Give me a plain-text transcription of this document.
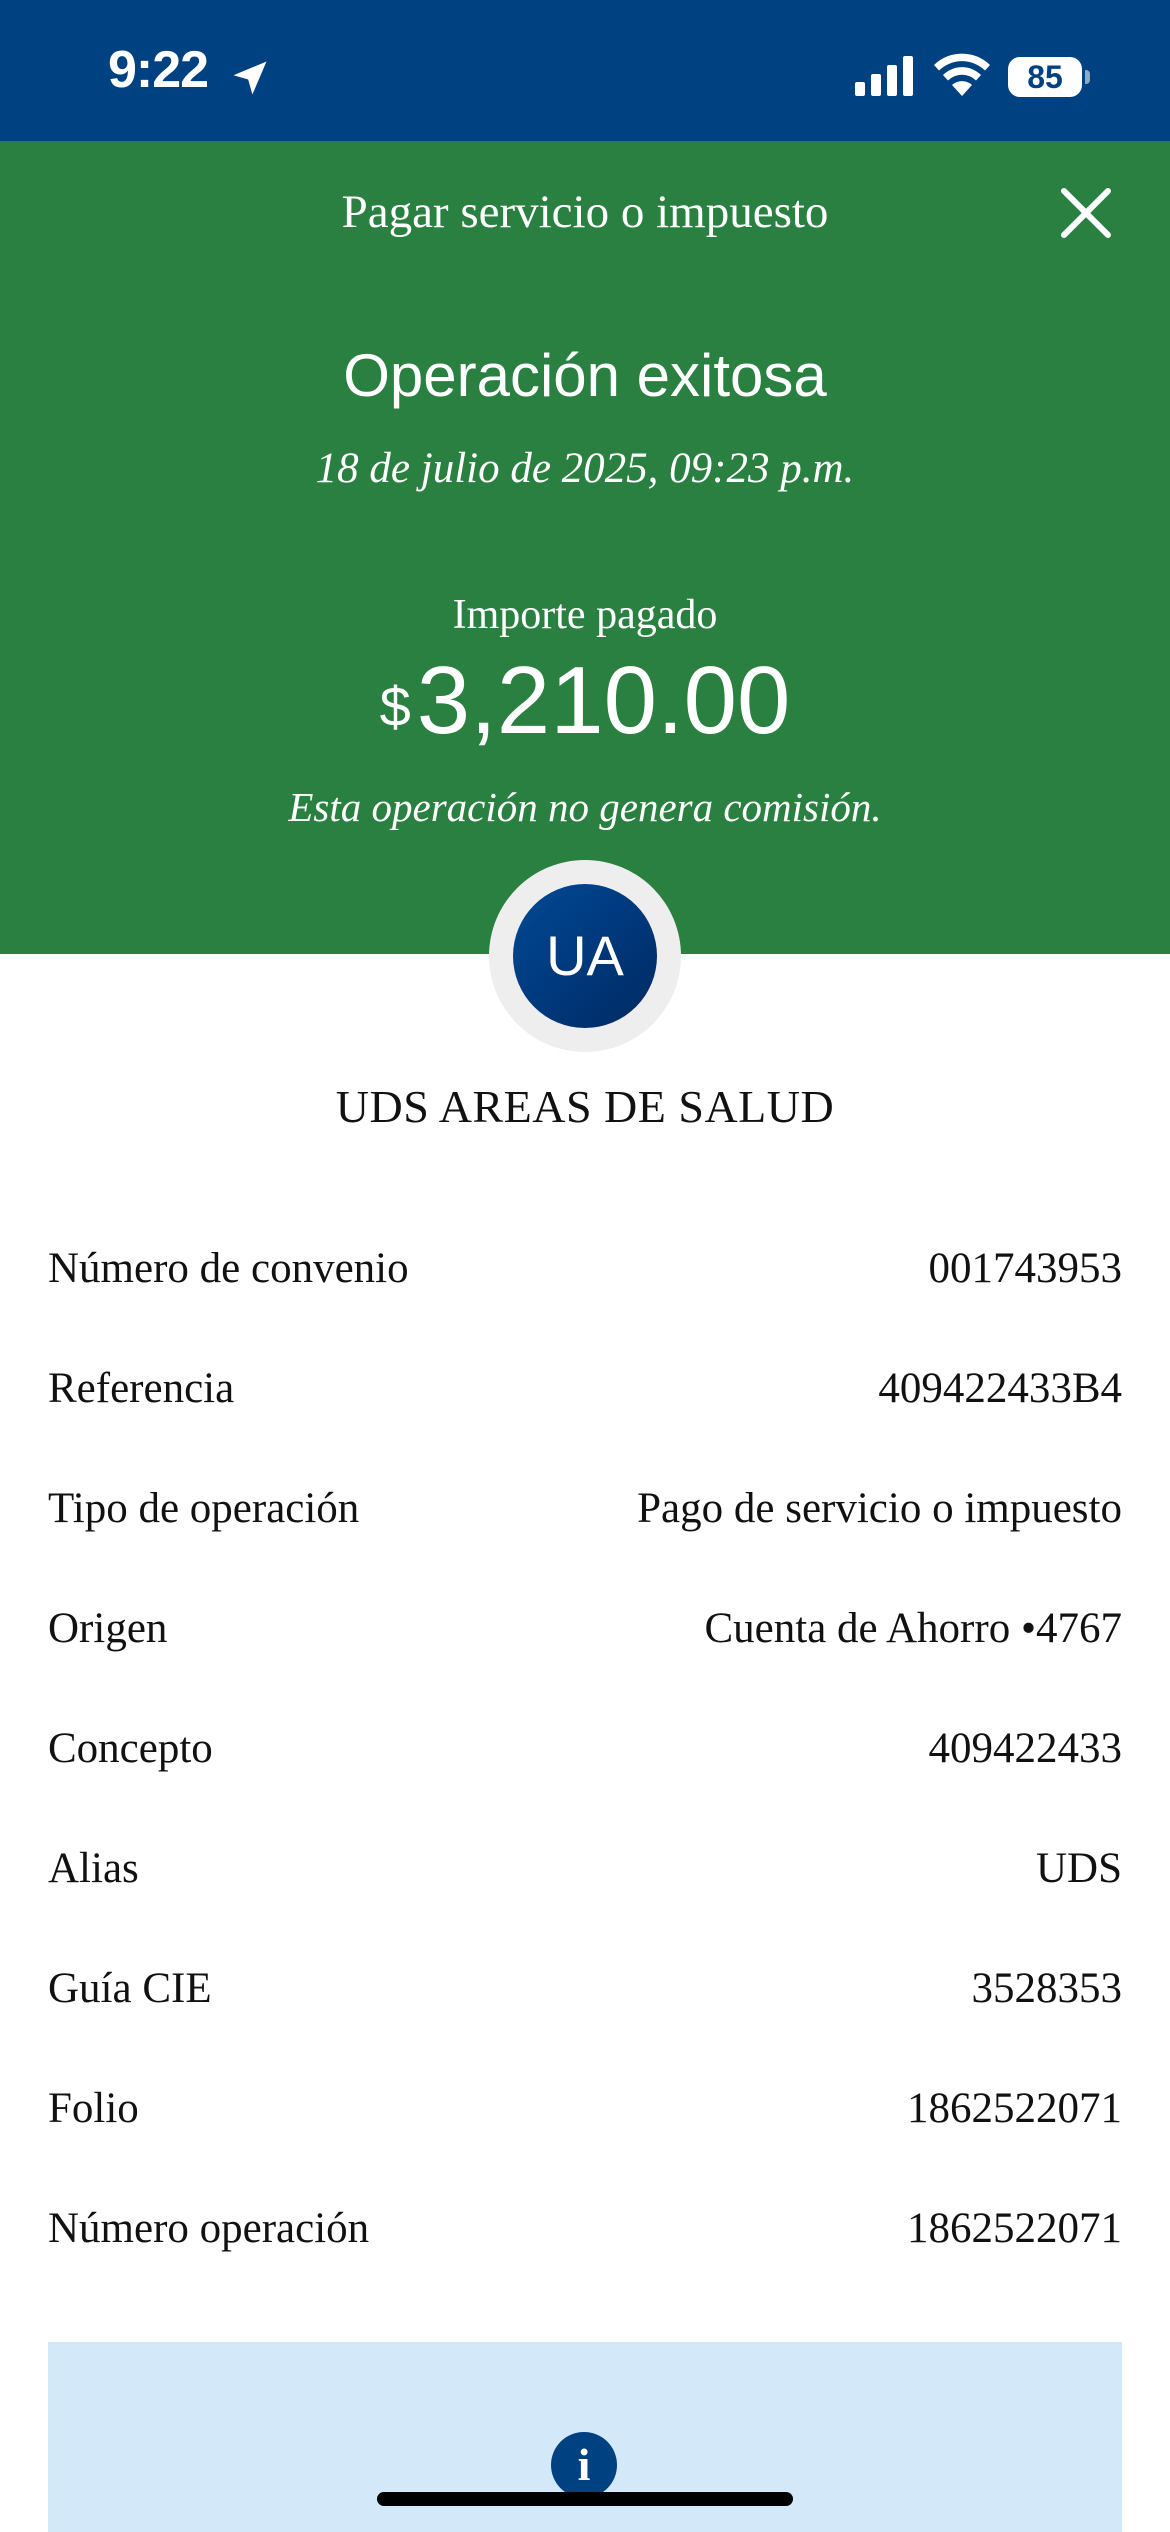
9:22	85
Pagar servicio o impuesto
Operación exitosa
18 de julio de 2025, 09:23 p.m.
Importe pagado
$3,210.00
Esta operación no genera comisión.
UA
UDS AREAS DE SALUD
Número de convenio	001743953
Referencia	409422433B4
Tipo de operación	Pago de servicio o impuesto
Origen	Cuenta de Ahorro •4767
Concepto	409422433
Alias	UDS
Guía CIE	3528353
Folio	1862522071
Número operación	1862522071
i
